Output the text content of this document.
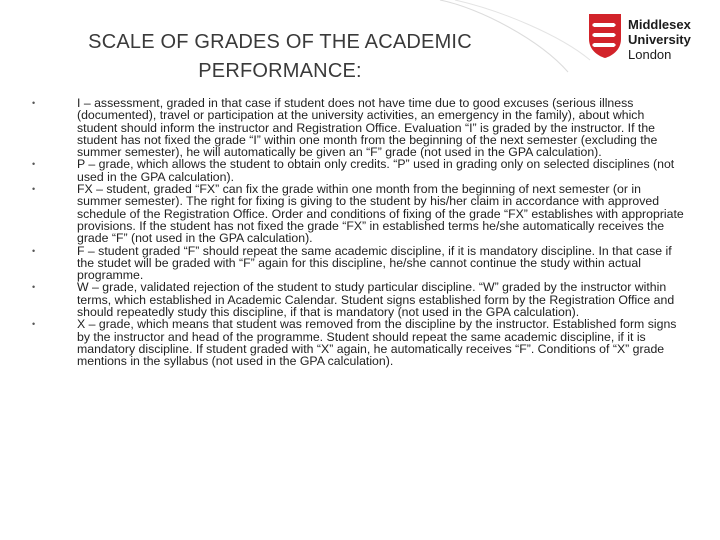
SCALE OF GRADES OF THE ACADEMIC
PERFORMANCE:
Middlesex
University
London
•	I – assessment, graded in that case if student does not have time due to good excuses (serious illness (documented), travel or participation at the university activities, an emergency in the family), about which student should inform the instructor and Registration Office. Evaluation “I” is graded by the instructor. If the student has not fixed the grade “I” within one month from the beginning of the next semester (excluding the summer semester), he will automatically be given an “F” grade (not used in the GPA calculation).
•	P – grade, which allows the student to obtain only credits. “P” used in grading only on selected disciplines (not used in the GPA calculation).
•	FX – student, graded “FX” can fix the grade within one month from the beginning of next semester (or in summer semester). The right for fixing is giving to the student by his/her claim in accordance with approved schedule of the Registration Office. Order and conditions of fixing of the grade “FX” establishes with appropriate provisions. If the student has not fixed the grade “FX” in established terms he/she automatically receives the grade “F” (not used in the GPA calculation).
•	F – student graded “F” should repeat the same academic discipline, if it is mandatory discipline. In that case if the studet will be graded with “F” again for this discipline, he/she cannot continue the study within actual programme.
•	W – grade, validated rejection of the student to study particular discipline. “W” graded by the instructor within terms, which established in Academic Calendar. Student signs established form by the Registration Office and should repeatedly study this discipline, if that is mandatory (not used in the GPA calculation).
•	X – grade, which means that student was removed from the discipline by the instructor. Established form signs by the instructor and head of the programme. Student should repeat the same academic discipline, if it is mandatory discipline. If student graded with “X” again, he automatically receives “F”. Conditions of “X” grade mentions in the syllabus (not used in the GPA calculation).
